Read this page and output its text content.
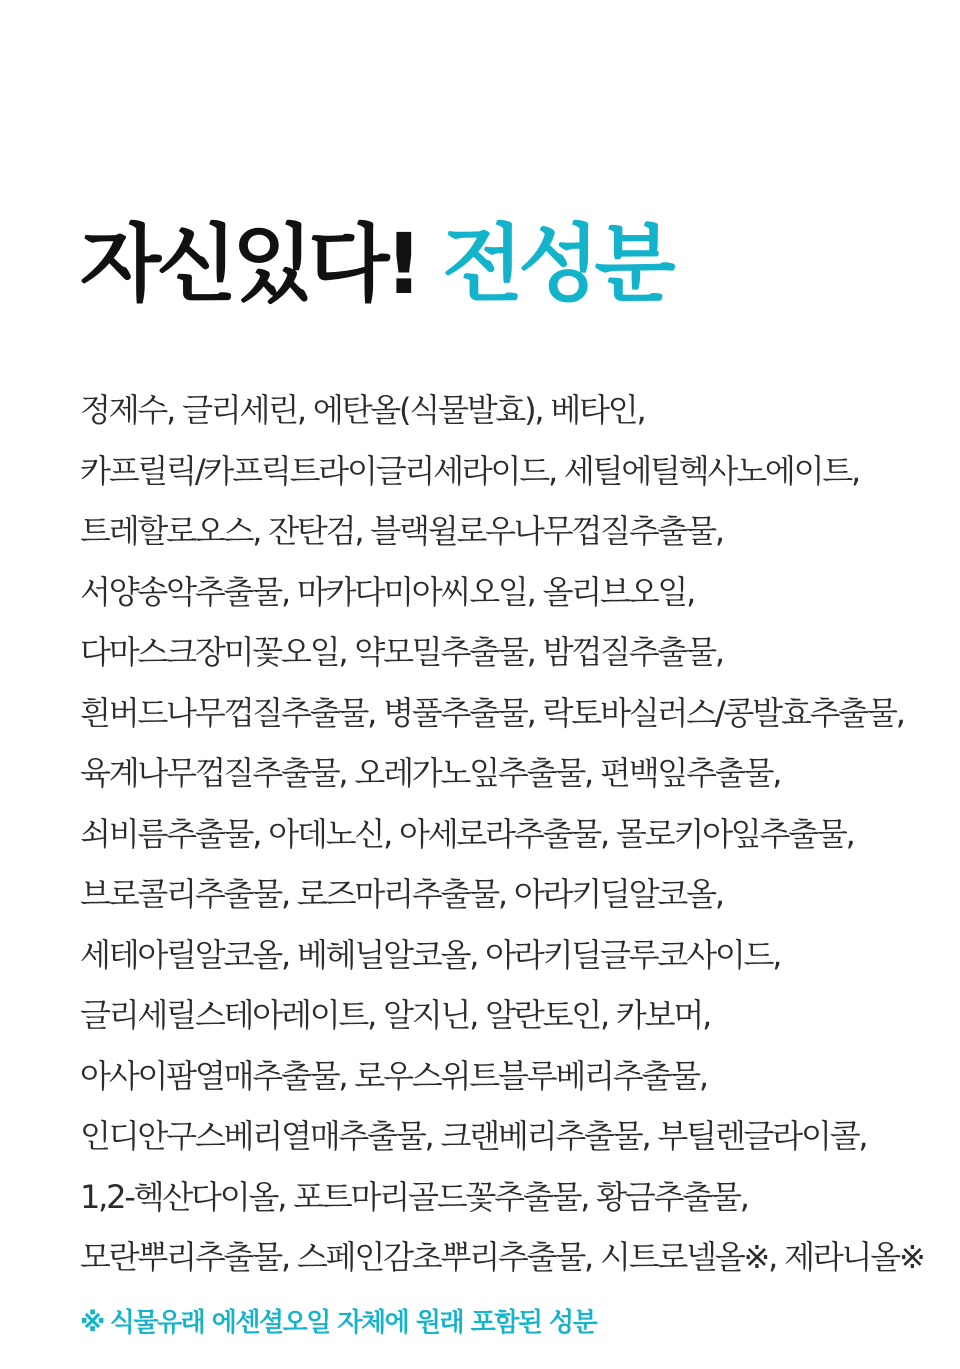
자신있다! 전성분
정제수, 글리세린, 에탄올(식물발효), 베타인,
카프릴릭/카프릭트라이글리세라이드, 세틸에틸헥사노에이트,
트레할로오스, 잔탄검, 블랙윌로우나무껍질추출물,
서양송악추출물, 마카다미아씨오일, 올리브오일,
다마스크장미꽃오일, 약모밀추출물, 밤껍질추출물,
흰버드나무껍질추출물, 병풀추출물, 락토바실러스/콩발효추출물,
육계나무껍질추출물, 오레가노잎추출물, 편백잎추출물,
쇠비름추출물, 아데노신, 아세로라추출물, 몰로키아잎추출물,
브로콜리추출물, 로즈마리추출물, 아라키딜알코올,
세테아릴알코올, 베헤닐알코올, 아라키딜글루코사이드,
글리세릴스테아레이트, 알지닌, 알란토인, 카보머,
아사이팜열매추출물, 로우스위트블루베리추출물,
인디안구스베리열매추출물, 크랜베리추출물, 부틸렌글라이콜,
1,2-헥산다이올, 포트마리골드꽃추출물, 황금추출물,
모란뿌리추출물, 스페인감초뿌리추출물, 시트로넬올※, 제라니올※

※ 식물유래 에센셜오일 자체에 원래 포함된 성분
